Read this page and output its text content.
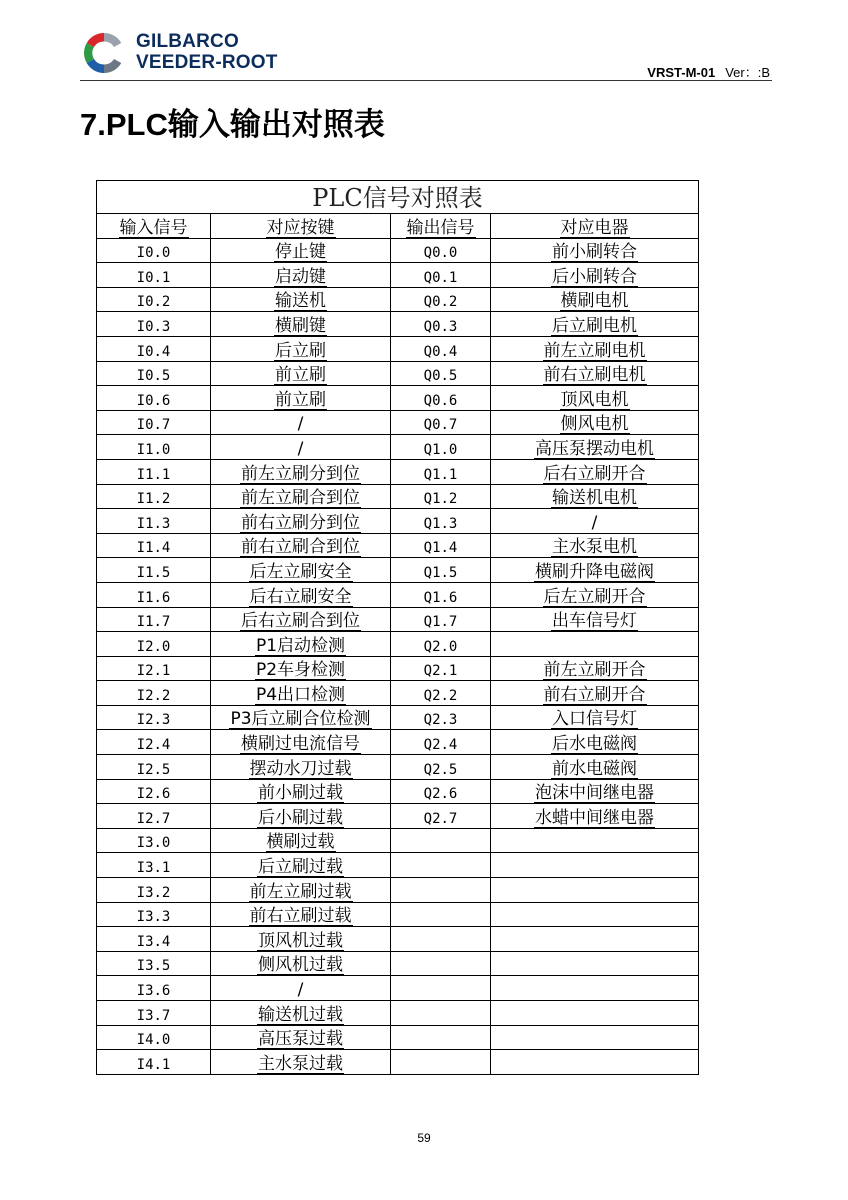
GILBARCO
VEEDER-ROOT	VRST-M-01 Ver：:B
7.PLC输入输出对照表
PLC信号对照表			
输入信号	对应按键	输出信号	对应电器
I0.0	停止键	Q0.0	前小刷转合
I0.1	启动键	Q0.1	后小刷转合
I0.2	输送机	Q0.2	横刷电机
I0.3	横刷键	Q0.3	后立刷电机
I0.4	后立刷	Q0.4	前左立刷电机
I0.5	前立刷	Q0.5	前右立刷电机
I0.6	前立刷	Q0.6	顶风电机
I0.7	/	Q0.7	侧风电机
I1.0	/	Q1.0	高压泵摆动电机
I1.1	前左立刷分到位	Q1.1	后右立刷开合
I1.2	前左立刷合到位	Q1.2	输送机电机
I1.3	前右立刷分到位	Q1.3	/
I1.4	前右立刷合到位	Q1.4	主水泵电机
I1.5	后左立刷安全	Q1.5	横刷升降电磁阀
I1.6	后右立刷安全	Q1.6	后左立刷开合
I1.7	后右立刷合到位	Q1.7	出车信号灯
I2.0	P1启动检测	Q2.0	
I2.1	P2车身检测	Q2.1	前左立刷开合
I2.2	P4出口检测	Q2.2	前右立刷开合
I2.3	P3后立刷合位检测	Q2.3	入口信号灯
I2.4	横刷过电流信号	Q2.4	后水电磁阀
I2.5	摆动水刀过载	Q2.5	前水电磁阀
I2.6	前小刷过载	Q2.6	泡沫中间继电器
I2.7	后小刷过载	Q2.7	水蜡中间继电器
I3.0	横刷过载		
I3.1	后立刷过载		
I3.2	前左立刷过载		
I3.3	前右立刷过载		
I3.4	顶风机过载		
I3.5	侧风机过载		
I3.6	/		
I3.7	输送机过载		
I4.0	高压泵过载		
I4.1	主水泵过载		
59
